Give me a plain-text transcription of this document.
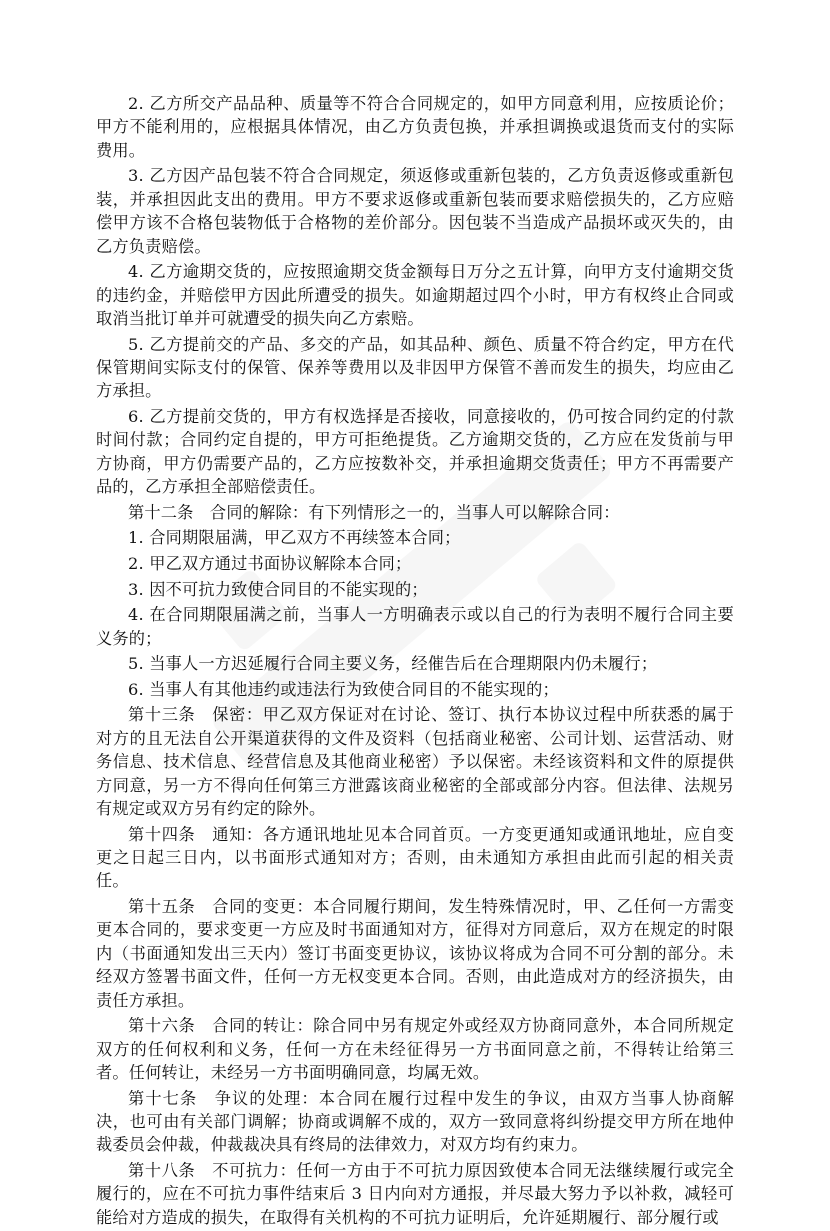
2. 乙方所交产品品种、质量等不符合合同规定的，如甲方同意利用，应按质论价；甲方不能利用的，应根据具体情况，由乙方负责包换，并承担调换或退货而支付的实际费用。

3. 乙方因产品包装不符合合同规定，须返修或重新包装的，乙方负责返修或重新包装，并承担因此支出的费用。甲方不要求返修或重新包装而要求赔偿损失的，乙方应赔偿甲方该不合格包装物低于合格物的差价部分。因包装不当造成产品损坏或灭失的，由乙方负责赔偿。

4. 乙方逾期交货的，应按照逾期交货金额每日万分之五计算，向甲方支付逾期交货的违约金，并赔偿甲方因此所遭受的损失。如逾期超过四个小时，甲方有权终止合同或取消当批订单并可就遭受的损失向乙方索赔。

5. 乙方提前交的产品、多交的产品，如其品种、颜色、质量不符合约定，甲方在代保管期间实际支付的保管、保养等费用以及非因甲方保管不善而发生的损失，均应由乙方承担。

6. 乙方提前交货的，甲方有权选择是否接收，同意接收的，仍可按合同约定的付款时间付款；合同约定自提的，甲方可拒绝提货。乙方逾期交货的，乙方应在发货前与甲方协商，甲方仍需要产品的，乙方应按数补交，并承担逾期交货责任；甲方不再需要产品的，乙方承担全部赔偿责任。

第十二条　合同的解除：有下列情形之一的，当事人可以解除合同：

1. 合同期限届满，甲乙双方不再续签本合同；

2. 甲乙双方通过书面协议解除本合同；

3. 因不可抗力致使合同目的不能实现的；

4. 在合同期限届满之前，当事人一方明确表示或以自己的行为表明不履行合同主要义务的；

5. 当事人一方迟延履行合同主要义务，经催告后在合理期限内仍未履行；

6. 当事人有其他违约或违法行为致使合同目的不能实现的；

第十三条　保密：甲乙双方保证对在讨论、签订、执行本协议过程中所获悉的属于对方的且无法自公开渠道获得的文件及资料（包括商业秘密、公司计划、运营活动、财务信息、技术信息、经营信息及其他商业秘密）予以保密。未经该资料和文件的原提供方同意，另一方不得向任何第三方泄露该商业秘密的全部或部分内容。但法律、法规另有规定或双方另有约定的除外。

第十四条　通知：各方通讯地址见本合同首页。一方变更通知或通讯地址，应自变更之日起三日内，以书面形式通知对方；否则，由未通知方承担由此而引起的相关责任。

第十五条　合同的变更：本合同履行期间，发生特殊情况时，甲、乙任何一方需变更本合同的，要求变更一方应及时书面通知对方，征得对方同意后，双方在规定的时限内（书面通知发出三天内）签订书面变更协议，该协议将成为合同不可分割的部分。未经双方签署书面文件，任何一方无权变更本合同。否则，由此造成对方的经济损失，由责任方承担。

第十六条　合同的转让：除合同中另有规定外或经双方协商同意外，本合同所规定双方的任何权利和义务，任何一方在未经征得另一方书面同意之前，不得转让给第三者。任何转让，未经另一方书面明确同意，均属无效。

第十七条　争议的处理：本合同在履行过程中发生的争议，由双方当事人协商解决，也可由有关部门调解；协商或调解不成的，双方一致同意将纠纷提交甲方所在地仲裁委员会仲裁，仲裁裁决具有终局的法律效力，对双方均有约束力。

第十八条　不可抗力：任何一方由于不可抗力原因致使本合同无法继续履行或完全履行的，应在不可抗力事件结束后 3 日内向对方通报，并尽最大努力予以补救，减轻可能给对方造成的损失，在取得有关机构的不可抗力证明后，允许延期履行、部分履行或
